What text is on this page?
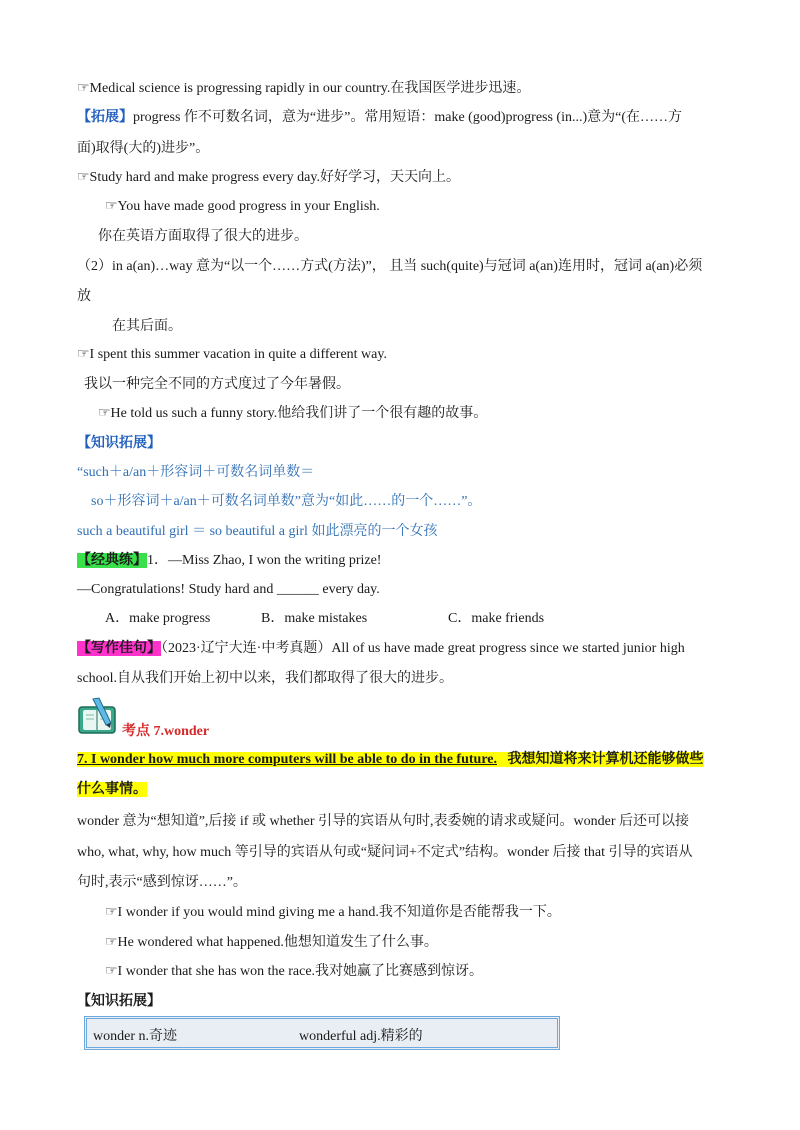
☞Medical science is progressing rapidly in our country.在我国医学进步迅速。
【拓展】progress 作不可数名词，意为“进步”。常用短语：make (good)progress (in...)意为“(在……方
面)取得(大的)进步”。
☞Study hard and make progress every day.好好学习，天天向上。
☞You have made good progress in your English.
你在英语方面取得了很大的进步。
（2）in a(an)…way 意为“以一个……方式(方法)”， 且当 such(quite)与冠词 a(an)连用时，冠词 a(an)必须
放
在其后面。
☞I spent this summer vacation in quite a different way.
我以一种完全不同的方式度过了今年暑假。
☞He told us such a funny story.他给我们讲了一个很有趣的故事。
【知识拓展】
“such＋a/an＋形容词＋可数名词单数＝
so＋形容词＋a/an＋可数名词单数”意为“如此……的一个……”。
such a beautiful girl ＝ so beautiful a girl 如此漂亮的一个女孩
【经典练】1．—Miss Zhao, I won the writing prize!
—Congratulations! Study hard and ______ every day.
A．make progress	B．make mistakes	C．make friends
【写作佳句】（2023·辽宁大连·中考真题）All of us have made great progress since we started junior high
school.自从我们开始上初中以来，我们都取得了很大的进步。
考点 7.wonder
7. I wonder how much more computers will be able to do in the future. 我想知道将来计算机还能够做些
什么事情。
wonder 意为“想知道”,后接 if 或 whether 引导的宾语从句时,表委婉的请求或疑问。wonder 后还可以接
who, what, why, how much 等引导的宾语从句或“疑问词+不定式”结构。wonder 后接 that 引导的宾语从
句时,表示“感到惊讶……”。
☞I wonder if you would mind giving me a hand.我不知道你是否能帮我一下。
☞He wondered what happened.他想知道发生了什么事。
☞I wonder that she has won the race.我对她赢了比赛感到惊讶。
【知识拓展】
wonder n.奇迹	wonderful adj.精彩的
